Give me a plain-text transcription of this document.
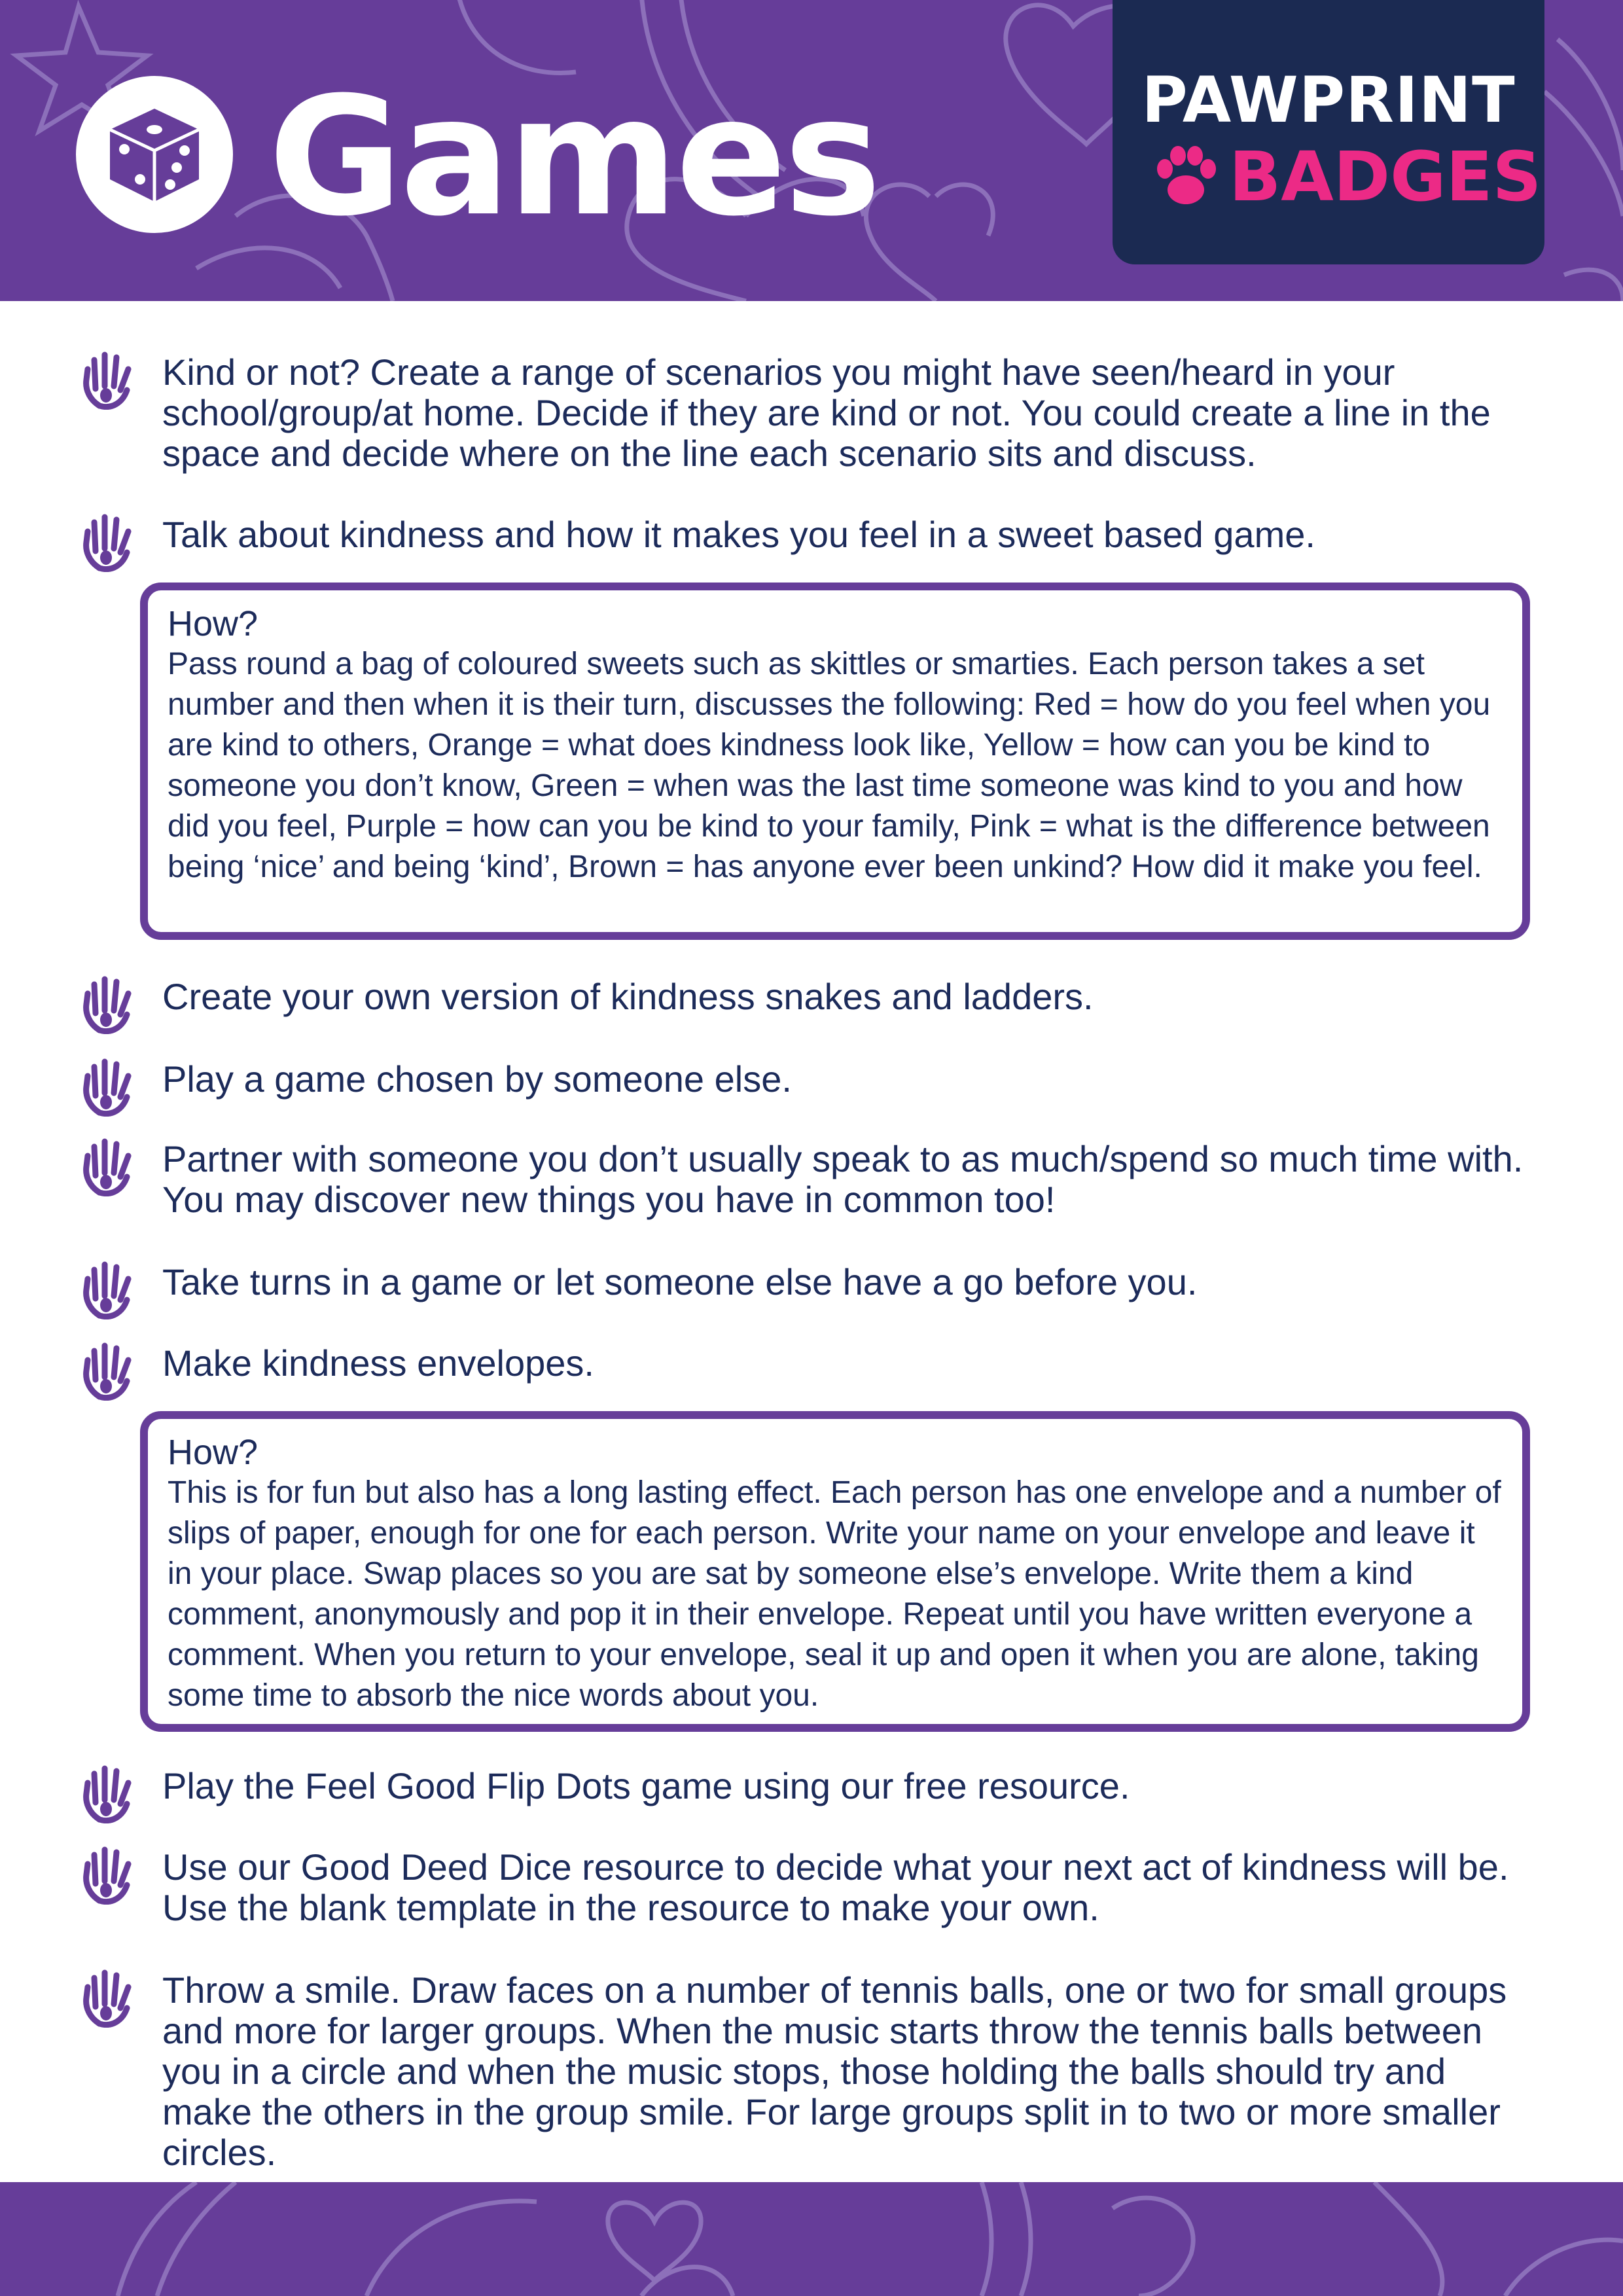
Games	PAWPRINT
BADGES

Kind or not? Create a range of scenarios you might have seen/heard in your school/group/at home. Decide if they are kind or not. You could create a line in the space and decide where on the line each scenario sits and discuss.

Talk about kindness and how it makes you feel in a sweet based game.

Create your own version of kindness snakes and ladders.

Play a game chosen by someone else.

Partner with someone you don’t usually speak to as much/spend so much time with. You may discover new things you have in common too!

Take turns in a game or let someone else have a go before you.

Make kindness envelopes.

Play the Feel Good Flip Dots game using our free resource.

Use our Good Deed Dice resource to decide what your next act of kindness will be. Use the blank template in the resource to make your own.

Throw a smile. Draw faces on a number of tennis balls, one or two for small groups and more for larger groups. When the music starts throw the tennis balls between you in a circle and when the music stops, those holding the balls should try and make the others in the group smile. For large groups split in to two or more smaller circles.

How?

Pass round a bag of coloured sweets such as skittles or smarties. Each person takes a set number and then when it is their turn, discusses the following: Red = how do you feel when you are kind to others, Orange = what does kindness look like, Yellow = how can you be kind to someone you don’t know, Green = when was the last time someone was kind to you and how did you feel, Purple = how can you be kind to your family, Pink = what is the difference between being ‘nice’ and being ‘kind’, Brown = has anyone ever been unkind? How did it make you feel.

How?

This is for fun but also has a long lasting effect. Each person has one envelope and a number of slips of paper, enough for one for each person. Write your name on your envelope and leave it in your place. Swap places so you are sat by someone else’s envelope. Write them a kind comment, anonymously and pop it in their envelope. Repeat until you have written everyone a comment. When you return to your envelope, seal it up and open it when you are alone, taking some time to absorb the nice words about you.
